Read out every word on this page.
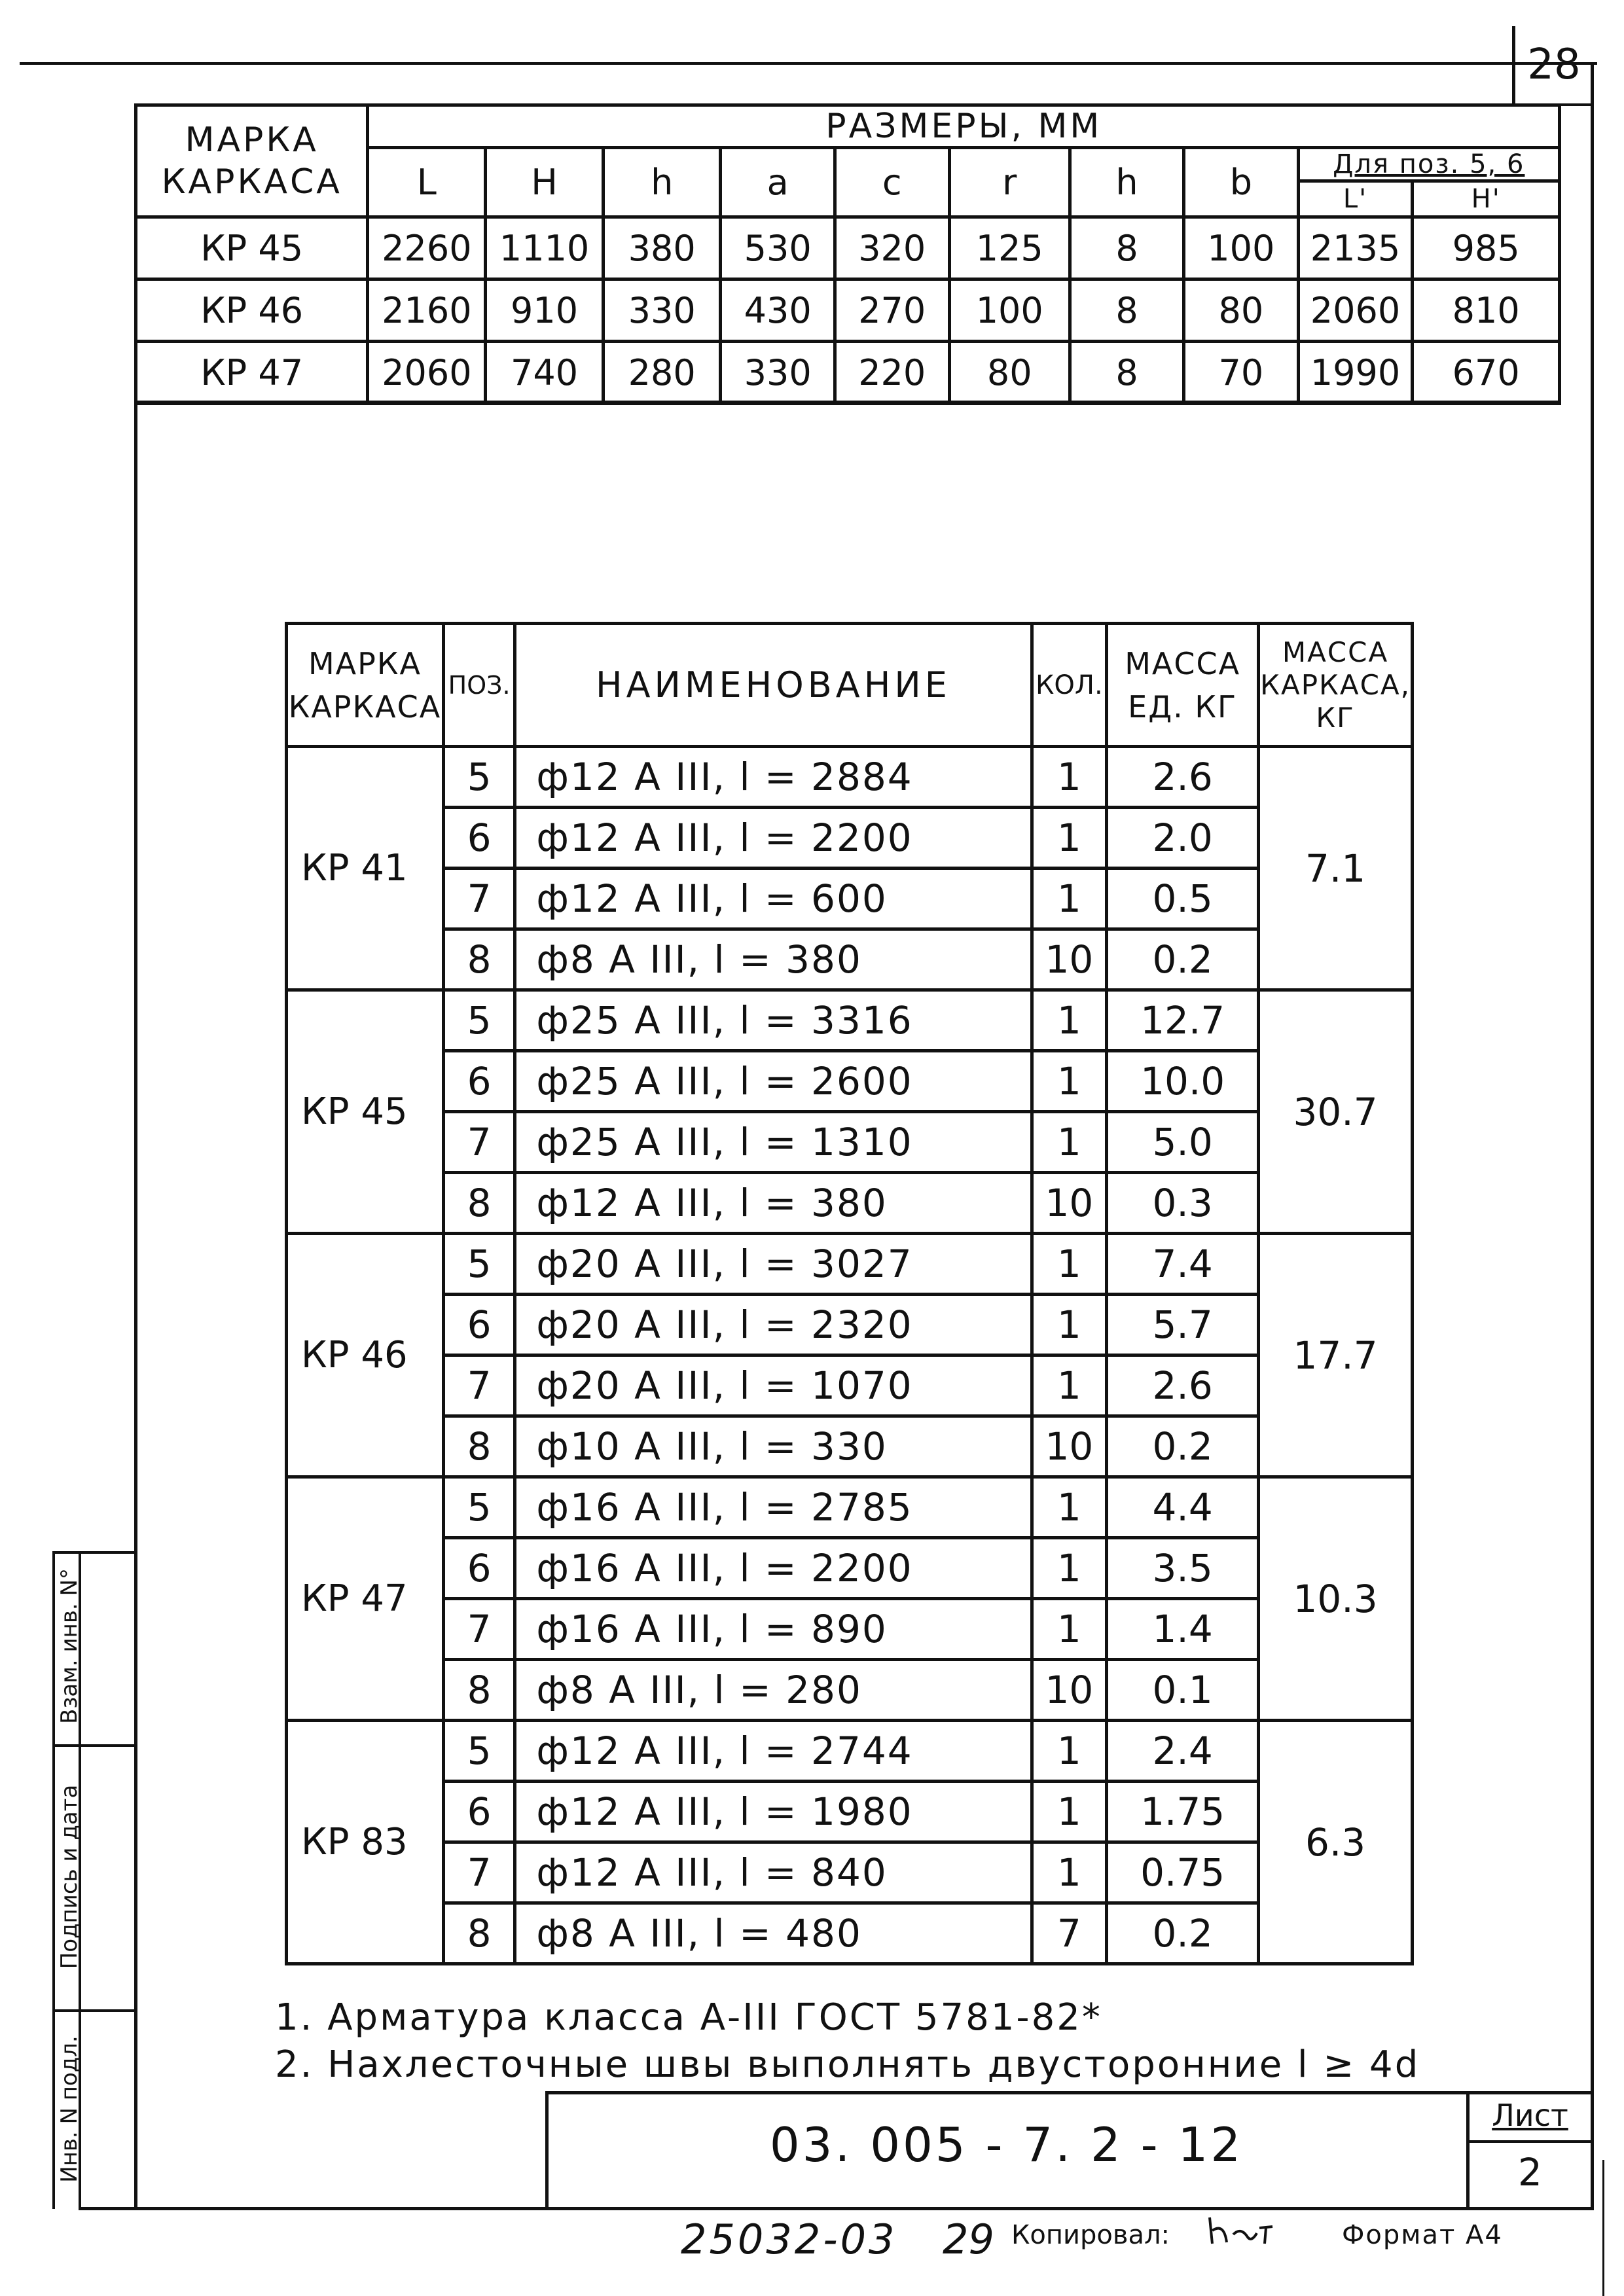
28
МАРКА КАРКАСА	РАЗМЕРЫ, ММ									
	L	H	h	a	c	r	h	b	Для поз. 5, 6	
									L'	H'
КР 45	2260	1110	380	530	320	125	8	100	2135	985
КР 46	2160	910	330	430	270	100	8	80	2060	810
КР 47	2060	740	280	330	220	80	8	70	1990	670
МАРКА КАРКАСА	ПОЗ.	НАИМЕНОВАНИЕ	КОЛ.	МАССА ЕД. КГ	МАССА КАРКАСА, КГ
КР 41	5	ф12 А III, l = 2884	1	2.6	7.1
	6	ф12 А III, l = 2200	1	2.0	
	7	ф12 А III, l = 600	1	0.5	
	8	ф8 А III, l = 380	10	0.2	
КР 45	5	ф25 А III, l = 3316	1	12.7	30.7
	6	ф25 А III, l = 2600	1	10.0	
	7	ф25 А III, l = 1310	1	5.0	
	8	ф12 А III, l = 380	10	0.3	
КР 46	5	ф20 А III, l = 3027	1	7.4	17.7
	6	ф20 А III, l = 2320	1	5.7	
	7	ф20 А III, l = 1070	1	2.6	
	8	ф10 А III, l = 330	10	0.2	
КР 47	5	ф16 А III, l = 2785	1	4.4	10.3
	6	ф16 А III, l = 2200	1	3.5	
	7	ф16 А III, l = 890	1	1.4	
	8	ф8 А III, l = 280	10	0.1	
КР 83	5	ф12 А III, l = 2744	1	2.4	6.3
	6	ф12 А III, l = 1980	1	1.75	
	7	ф12 А III, l = 840	1	0.75	
	8	ф8 А III, l = 480	7	0.2	
1. Арматура класса А-III ГОСТ 5781-82*
2. Нахлесточные швы выполнять двусторонние l ≥ 4d
03. 005 - 7. 2 - 12
Лист
2
Взам. инв. N°
Подпись и дата
Инв. N подл.
25032-03 29 Копировал:	Формат А4
